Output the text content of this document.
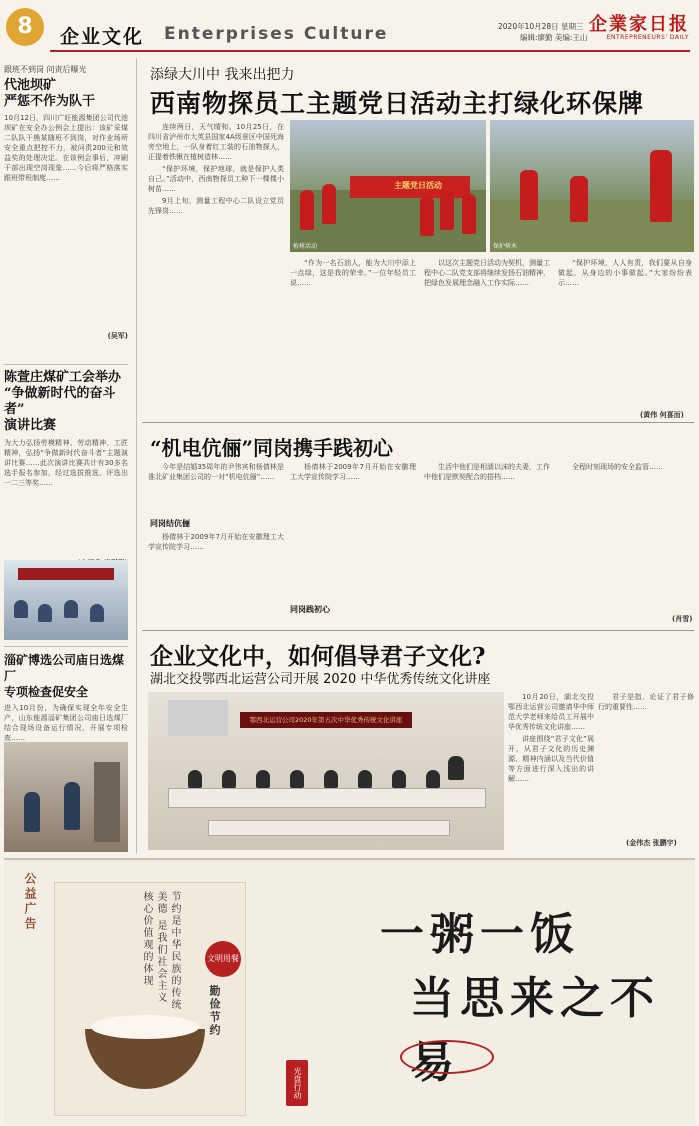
8	企业文化 Enterprises Culture	2020年10月28日 星期三
编辑:廖勤 美编:王山
企業家日报
ENTREPRENEURS' DAILY
跟班不到岗 问责后曝光
代池坝矿
严惩不作为队干
10月12日，四川广旺能源集团公司代池坝矿在安全办公例会上提出：该矿采煤二队队干熊某随班不到岗，对作业场所安全重点把控不力，被问责200元和效益奖的处理决定。在该例会事后，冲刷干部出现空岗现象……今后将严格落实跟班带班制度……
(吴军)
陈萱庄煤矿工会举办
“争做新时代的奋斗者”
演讲比赛
为大力弘扬劳模精神、劳动精神、工匠精神，弘扬“争做新时代奋斗者”主题演讲比赛……此次演讲比赛共计有30多名选手报名参加，经过选拔推选，评选出一二三等奖……
淄矿博选公司庙日选煤厂
专项检查促安全
进入10月份，为确保实现全年安全生产，山东能源淄矿集团公司庙日选煤厂结合现场设备运行情况，开展专项检查……
添绿大川中 我来出把力
西南物探员工主题党日活动主打绿化环保牌

连续两日，天气晴和。10月25日，在四川省泸州市大英县国家4A级景区中国死海旁空地上，一队身着红工装的石油物探人，正提着铁锹在植树造林……

“保护环境，保护地球，就是保护人类自己。”活动中，西南物探员工种下一棵棵小树苗……

9月上旬，测量工程中心二队设立党员先锋岗……

主题党日活动
植树活动	保护树木

“作为一名石油人，能为大川中添上一点绿，这是我的荣幸。”一位年轻员工说……

以这次主题党日活动为契机，测量工程中心二队党支部将继续发扬石油精神，把绿色发展理念融入工作实际……

“保护环境，人人有责，我们要从自身做起，从身边的小事做起。”大家纷纷表示……

(黄伟 何喜而)
“机电伉俪”同岗携手践初心

今年是结婚35周年的尹伟宾和杨倩林是淮北矿业集团公司的一对“机电伉俪”……

同岗结伉俪

杨倩林于2009年7月开始在安徽理工大学宣传院学习……

杨倩林于2009年7月开始在安徽理工大学宣传院学习……

同岗践初心

生活中他们是相濡以沫的夫妻，工作中他们是默契配合的搭档……

全程时刻现场的安全监管……

(肖雪)
企业文化中，如何倡导君子文化?
湖北交投鄂西北运营公司开展 2020 中华优秀传统文化讲座
鄂西北运营公司2020年第五次中华优秀传统文化讲座

10月20日，湖北交投鄂西北运营公司邀请华中师范大学老师来给员工开展中华优秀传统文化讲座……

讲座围绕“君子文化”展开，从君子文化的历史渊源、精神内涵以及当代价值等方面进行深入浅出的讲解……

君子是指，论证了君子修行的重要性……

(金伟杰 张鹏宇)
公益广告
文明用餐
节约是中华民族的传统美德 是我们社会主义核心价值观的体现
勤俭节约
一粥一饭
当思来之不易
光盘行动
